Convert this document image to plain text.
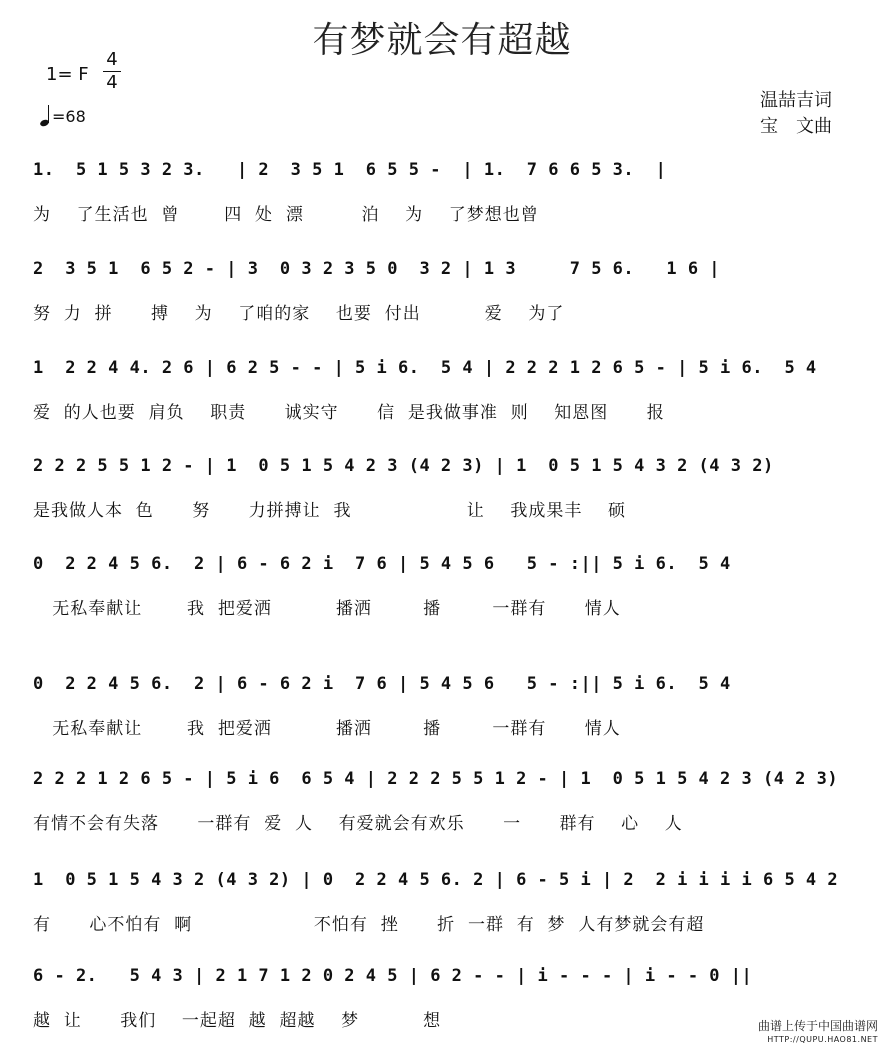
有梦就会有超越
1= F
4
4
=68
温喆吉词
宝　文曲
1.  5 1 5 3 2 3.   | 2  3 5 1  6 5 5 -  | 1.  7 6 6 5 3.  |
为    了生活也  曾       四  处  漂         泊    为    了梦想也曾
2  3 5 1  6 5 2 - | 3  0 3 2 3 5 0  3 2 | 1 3     7 5 6.   1 6 |
努  力  拼      搏    为    了咱的家    也要  付出          爱    为了
1  2 2 4 4. 2 6 | 6 2 5 - - | 5 i 6.  5 4 | 2 2 2 1 2 6 5 - | 5 i 6.  5 4
爱  的人也要  肩负    职责      诚实守      信  是我做事准  则    知恩图      报
2 2 2 5 5 1 2 - | 1  0 5 1 5 4 2 3 (4 2 3) | 1  0 5 1 5 4 3 2 (4 3 2)
是我做人本  色      努      力拼搏让  我                  让    我成果丰    硕
0  2 2 4 5 6.  2 | 6 - 6 2 i  7 6 | 5 4 5 6   5 - :|| 5 i 6.  5 4
无私奉献让       我  把爱洒          播洒        播        一群有      情人
0  2 2 4 5 6.  2 | 6 - 6 2 i  7 6 | 5 4 5 6   5 - :|| 5 i 6.  5 4
无私奉献让       我  把爱洒          播洒        播        一群有      情人
2 2 2 1 2 6 5 - | 5 i 6  6 5 4 | 2 2 2 5 5 1 2 - | 1  0 5 1 5 4 2 3 (4 2 3)
有情不会有失落      一群有  爱  人    有爱就会有欢乐      一      群有    心    人
1  0 5 1 5 4 3 2 (4 3 2) | 0  2 2 4 5 6. 2 | 6 - 5 i | 2  2 i i i i 6 5 4 2
有      心不怕有  啊                   不怕有  挫      折  一群  有  梦  人有梦就会有超
6 - 2.   5 4 3 | 2 1 7 1 2 0 2 4 5 | 6 2 - - | i - - - | i - - 0 ||
越  让      我们    一起超  越  超越    梦          想	曲谱上传于中国曲谱网
HTTP://QUPU.HAO81.NET
